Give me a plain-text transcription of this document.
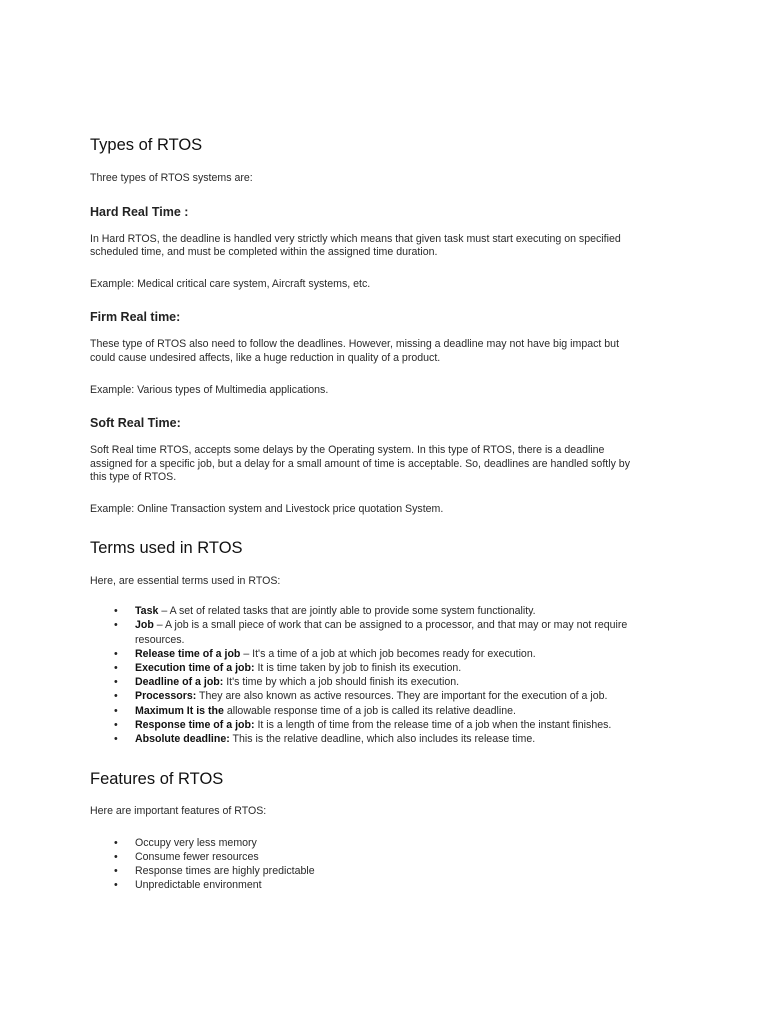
Types of RTOS

Three types of RTOS systems are:

Hard Real Time :

In Hard RTOS, the deadline is handled very strictly which means that given task must start executing on specified
scheduled time, and must be completed within the assigned time duration.

Example: Medical critical care system, Aircraft systems, etc.

Firm Real time:

These type of RTOS also need to follow the deadlines. However, missing a deadline may not have big impact but
could cause undesired affects, like a huge reduction in quality of a product.

Example: Various types of Multimedia applications.

Soft Real Time:

Soft Real time RTOS, accepts some delays by the Operating system. In this type of RTOS, there is a deadline
assigned for a specific job, but a delay for a small amount of time is acceptable. So, deadlines are handled softly by
this type of RTOS.

Example: Online Transaction system and Livestock price quotation System.

Terms used in RTOS

Here, are essential terms used in RTOS:

• Task – A set of related tasks that are jointly able to provide some system functionality.
• Job – A job is a small piece of work that can be assigned to a processor, and that may or may not require
resources.
• Release time of a job – It's a time of a job at which job becomes ready for execution.
• Execution time of a job: It is time taken by job to finish its execution.
• Deadline of a job: It's time by which a job should finish its execution.
• Processors: They are also known as active resources. They are important for the execution of a job.
• Maximum It is the allowable response time of a job is called its relative deadline.
• Response time of a job: It is a length of time from the release time of a job when the instant finishes.
• Absolute deadline: This is the relative deadline, which also includes its release time.
Features of RTOS

Here are important features of RTOS:

• Occupy very less memory
• Consume fewer resources
• Response times are highly predictable
• Unpredictable environment
